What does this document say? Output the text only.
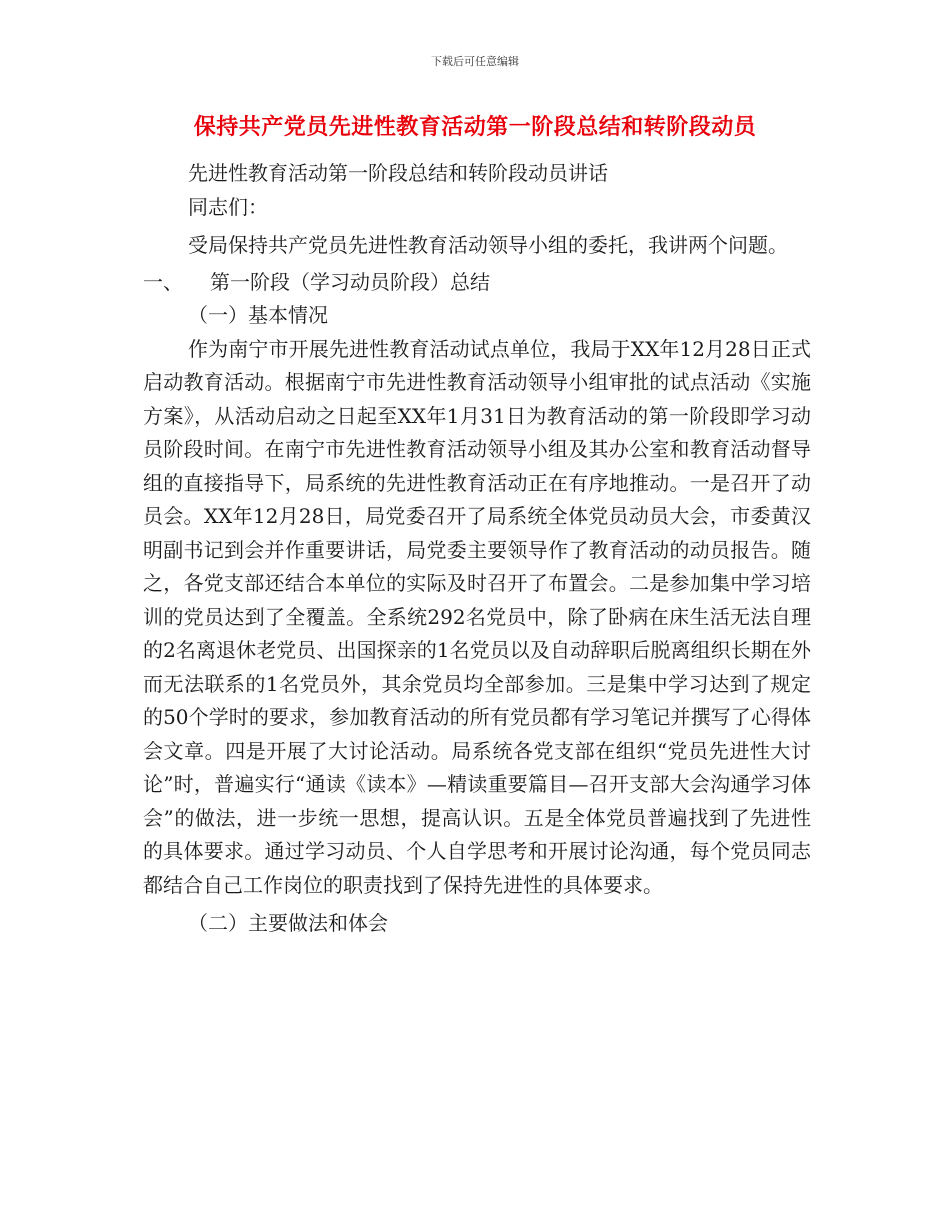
下载后可任意编辑
保持共产党员先进性教育活动第一阶段总结和转阶段动员

先进性教育活动第一阶段总结和转阶段动员讲话

同志们：

受局保持共产党员先进性教育活动领导小组的委托，我讲两个问题。

一、 第一阶段（学习动员阶段）总结

（一）基本情况

作为南宁市开展先进性教育活动试点单位，我局于XX年12月28日正式启动教育活动。根据南宁市先进性教育活动领导小组审批的试点活动《实施方案》，从活动启动之日起至XX年1月31日为教育活动的第一阶段即学习动员阶段时间。在南宁市先进性教育活动领导小组及其办公室和教育活动督导组的直接指导下，局系统的先进性教育活动正在有序地推动。一是召开了动员会。XX年12月28日，局党委召开了局系统全体党员动员大会，市委黄汉明副书记到会并作重要讲话，局党委主要领导作了教育活动的动员报告。随之，各党支部还结合本单位的实际及时召开了布置会。二是参加集中学习培训的党员达到了全覆盖。全系统292名党员中，除了卧病在床生活无法自理的2名离退休老党员、出国探亲的1名党员以及自动辞职后脱离组织长期在外而无法联系的1名党员外，其余党员均全部参加。三是集中学习达到了规定的50个学时的要求，参加教育活动的所有党员都有学习笔记并撰写了心得体会文章。四是开展了大讨论活动。局系统各党支部在组织“党员先进性大讨论”时，普遍实行“通读《读本》—精读重要篇目—召开支部大会沟通学习体会”的做法，进一步统一思想，提高认识。五是全体党员普遍找到了先进性的具体要求。通过学习动员、个人自学思考和开展讨论沟通，每个党员同志都结合自己工作岗位的职责找到了保持先进性的具体要求。

（二）主要做法和体会
